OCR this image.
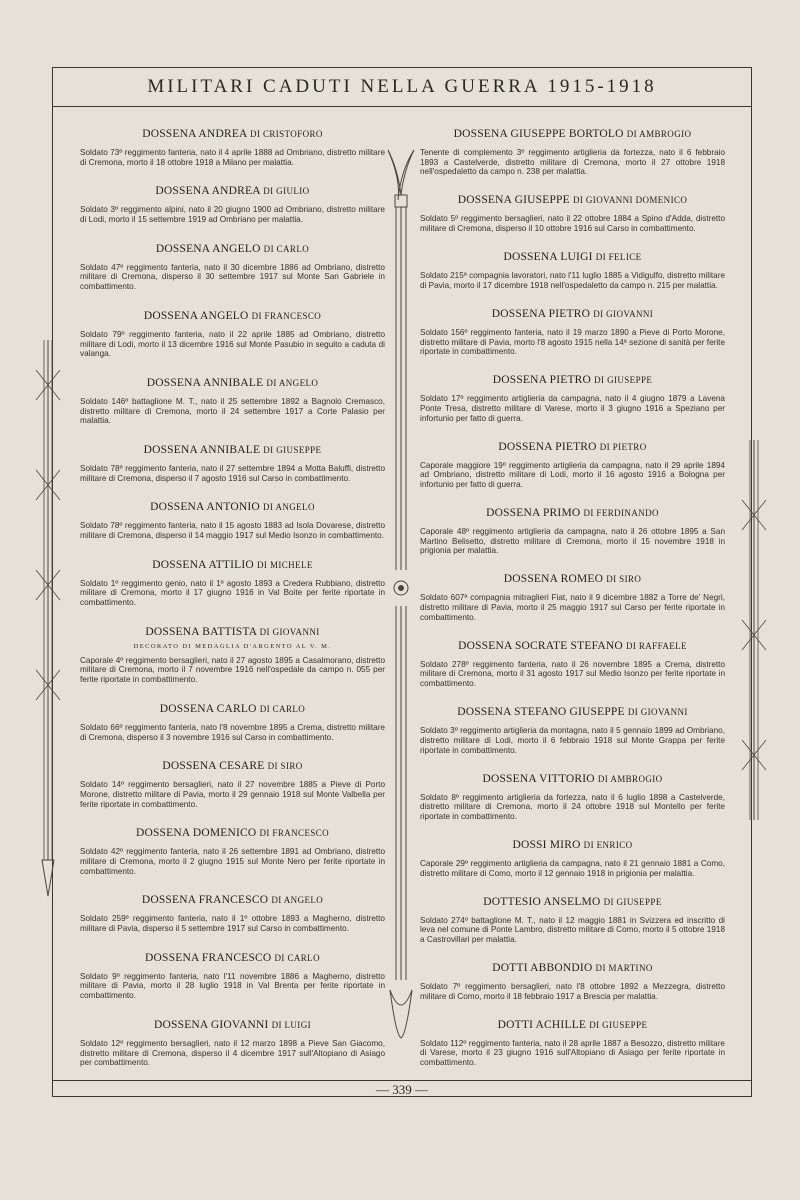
MILITARI CADUTI NELLA GUERRA 1915-1918
DOSSENA ANDREA DI CRISTOFORO
Soldato 73º reggimento fanteria, nato il 4 aprile 1888 ad Ombriano, distretto militare di Cremona, morto il 18 ottobre 1918 a Milano per malattia.
DOSSENA ANDREA DI GIULIO
Soldato 3º reggimento alpini, nato il 20 giugno 1900 ad Ombriano, distretto militare di Lodi, morto il 15 settembre 1919 ad Ombriano per malattia.
DOSSENA ANGELO DI CARLO
Soldato 47º reggimento fanteria, nato il 30 dicembre 1886 ad Ombriano, distretto militare di Cremona, disperso il 30 settembre 1917 sul Monte San Gabriele in combattimento.
DOSSENA ANGELO DI FRANCESCO
Soldato 79º reggimento fanteria, nato il 22 aprile 1885 ad Ombriano, distretto militare di Lodi, morto il 13 dicembre 1916 sul Monte Pasubio in seguito a caduta di valanga.
DOSSENA ANNIBALE DI ANGELO
Soldato 146º battaglione M. T., nato il 25 settembre 1892 a Bagnolo Cremasco, distretto militare di Cremona, morto il 24 settembre 1917 a Corte Palasio per malattia.
DOSSENA ANNIBALE DI GIUSEPPE
Soldato 78º reggimento fanteria, nato il 27 settembre 1894 a Motta Baluffi, distretto militare di Cremona, disperso il 7 agosto 1916 sul Carso in combattimento.
DOSSENA ANTONIO DI ANGELO
Soldato 78º reggimento fanteria, nato il 15 agosto 1883 ad Isola Dovarese, distretto militare di Cremona, disperso il 14 maggio 1917 sul Medio Isonzo in combattimento.
DOSSENA ATTILIO DI MICHELE
Soldato 1º reggimento genio, nato il 1º agosto 1893 a Credera Rubbiano, distretto militare di Cremona, morto il 17 giugno 1916 in Val Boite per ferite riportate in combattimento.
DOSSENA BATTISTA DI GIOVANNI
DECORATO DI MEDAGLIA D'ARGENTO AL V. M.
Caporale 4º reggimento bersaglieri, nato il 27 agosto 1895 a Casalmorano, distretto militare di Cremona, morto il 7 novembre 1916 nell'ospedale da campo n. 055 per ferite riportate in combattimento.
DOSSENA CARLO DI CARLO
Soldato 66º reggimento fanteria, nato l'8 novembre 1895 a Crema, distretto militare di Cremona, disperso il 3 novembre 1916 sul Carso in combattimento.
DOSSENA CESARE DI SIRO
Soldato 14º reggimento bersaglieri, nato il 27 novembre 1885 a Pieve di Porto Morone, distretto militare di Pavia, morto il 29 gennaio 1918 sul Monte Valbella per ferite riportate in combattimento.
DOSSENA DOMENICO DI FRANCESCO
Soldato 42º reggimento fanteria, nato il 26 settembre 1891 ad Ombriano, distretto militare di Cremona, morto il 2 giugno 1915 sul Monte Nero per ferite riportate in combattimento.
DOSSENA FRANCESCO DI ANGELO
Soldato 259º reggimento fanteria, nato il 1º ottobre 1893 a Magherno, distretto militare di Pavia, disperso il 5 settembre 1917 sul Carso in combattimento.
DOSSENA FRANCESCO DI CARLO
Soldato 9º reggimento fanteria, nato l'11 novembre 1886 a Magherno, distretto militare di Pavia, morto il 28 luglio 1918 in Val Brenta per ferite riportate in combattimento.
DOSSENA GIOVANNI DI LUIGI
Soldato 12º reggimento bersaglieri, nato il 12 marzo 1898 a Pieve San Giacomo, distretto militare di Cremona, disperso il 4 dicembre 1917 sull'Altopiano di Asiago per combattimento.
DOSSENA GIUSEPPE BORTOLO DI AMBROGIO
Tenente di complemento 3º reggimento artiglieria da fortezza, nato il 6 febbraio 1893 a Castelverde, distretto militare di Cremona, morto il 27 ottobre 1918 nell'ospedaletto da campo n. 238 per malattia.
DOSSENA GIUSEPPE DI GIOVANNI DOMENICO
Soldato 5º reggimento bersaglieri, nato il 22 ottobre 1884 a Spino d'Adda, distretto militare di Cremona, disperso il 10 ottobre 1916 sul Carso in combattimento.
DOSSENA LUIGI DI FELICE
Soldato 215ª compagnia lavoratori, nato l'11 luglio 1885 a Vidigulfo, distretto militare di Pavia, morto il 17 dicembre 1918 nell'ospedaletto da campo n. 215 per malattia.
DOSSENA PIETRO DI GIOVANNI
Soldato 156º reggimento fanteria, nato il 19 marzo 1890 a Pieve di Porto Morone, distretto militare di Pavia, morto l'8 agosto 1915 nella 14ª sezione di sanità per ferite riportate in combattimento.
DOSSENA PIETRO DI GIUSEPPE
Soldato 17º reggimento artiglieria da campagna, nato il 4 giugno 1879 a Lavena Ponte Tresa, distretto militare di Varese, morto il 3 giugno 1916 a Speziano per infortunio per fatto di guerra.
DOSSENA PIETRO DI PIETRO
Caporale maggiore 19º reggimento artiglieria da campagna, nato il 29 aprile 1894 ad Ombriano, distretto militare di Lodi, morto il 16 agosto 1916 a Bologna per infortunio per fatto di guerra.
DOSSENA PRIMO DI FERDINANDO
Caporale 48º reggimento artiglieria da campagna, nato il 26 ottobre 1895 a San Martino Belisetto, distretto militare di Cremona, morto il 15 novembre 1918 in prigionia per malattia.
DOSSENA ROMEO DI SIRO
Soldato 607ª compagnia mitraglieri Fiat, nato il 9 dicembre 1882 a Torre de' Negri, distretto militare di Pavia, morto il 25 maggio 1917 sul Carso per ferite riportate in combattimento.
DOSSENA SOCRATE STEFANO DI RAFFAELE
Soldato 278º reggimento fanteria, nato il 26 novembre 1895 a Crema, distretto militare di Cremona, morto il 31 agosto 1917 sul Medio Isonzo per ferite riportate in combattimento.
DOSSENA STEFANO GIUSEPPE DI GIOVANNI
Soldato 3º reggimento artiglieria da montagna, nato il 5 gennaio 1899 ad Ombriano, distretto militare di Lodi, morto il 6 febbraio 1918 sul Monte Grappa per ferite riportate in combattimento.
DOSSENA VITTORIO DI AMBROGIO
Soldato 8º reggimento artiglieria da fortezza, nato il 6 luglio 1898 a Castelverde, distretto militare di Cremona, morto il 24 ottobre 1918 sul Montello per ferite riportate in combattimento.
DOSSI MIRO DI ENRICO
Caporale 29º reggimento artiglieria da campagna, nato il 21 gennaio 1881 a Como, distretto militare di Como, morto il 12 gennaio 1918 in prigionia per malattia.
DOTTESIO ANSELMO DI GIUSEPPE
Soldato 274º battaglione M. T., nato il 12 maggio 1881 in Svizzera ed inscritto di leva nel comune di Ponte Lambro, distretto militare di Como, morto il 5 ottobre 1918 a Castrovillari per malattia.
DOTTI ABBONDIO DI MARTINO
Soldato 7º reggimento bersaglieri, nato l'8 ottobre 1892 a Mezzegra, distretto militare di Como, morto il 18 febbraio 1917 a Brescia per malattia.
DOTTI ACHILLE DI GIUSEPPE
Soldato 112º reggimento fanteria, nato il 28 aprile 1887 a Besozzo, distretto militare di Varese, morto il 23 giugno 1916 sull'Altopiano di Asiago per ferite riportate in combattimento.
— 339 —
